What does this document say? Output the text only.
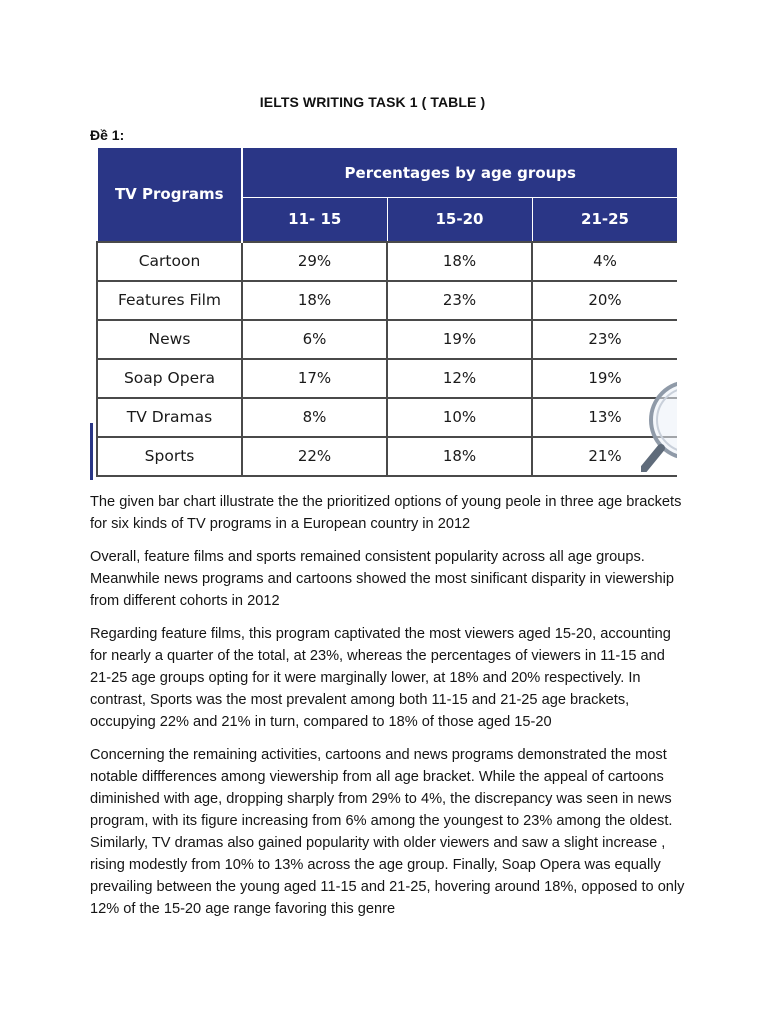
IELTS WRITING TASK 1 ( TABLE )
Đề 1:
TV Programs	Percentages by age groups		
	11- 15	15-20	21-25
Cartoon	29%	18%	4%
Features Film	18%	23%	20%
News	6%	19%	23%
Soap Opera	17%	12%	19%
TV Dramas	8%	10%	13%
Sports	22%	18%	21%

The given bar chart illustrate the the prioritized options of young peole in three age brackets for six kinds of TV programs in a European country in 2012

Overall, feature films and sports remained consistent popularity across all age groups. Meanwhile news programs and cartoons showed the most sinificant disparity in viewership from different cohorts in 2012

Regarding feature films, this program captivated the most viewers aged 15-20, accounting for nearly a quarter of the total, at 23%, whereas the percentages of viewers in 11-15 and 21-25 age groups opting for it were marginally lower, at 18% and 20% respectively. In contrast, Sports was the most prevalent among both 11-15 and 21-25 age brackets, occupying 22% and 21% in turn, compared to 18% of those aged 15-20

Concerning the remaining activities, cartoons and news programs demonstrated the most notable diffferences among viewership from all age bracket. While the appeal of cartoons diminished with age, dropping sharply from 29% to 4%, the discrepancy was seen in news program, with its figure increasing from 6% among the youngest to 23% among the oldest. Similarly, TV dramas also gained popularity with older viewers and saw a slight increase , rising modestly from 10% to 13% across the age group. Finally, Soap Opera was equally prevailing between the young aged 11-15 and 21-25, hovering around 18%, opposed to only 12% of the 15-20 age range favoring this genre
